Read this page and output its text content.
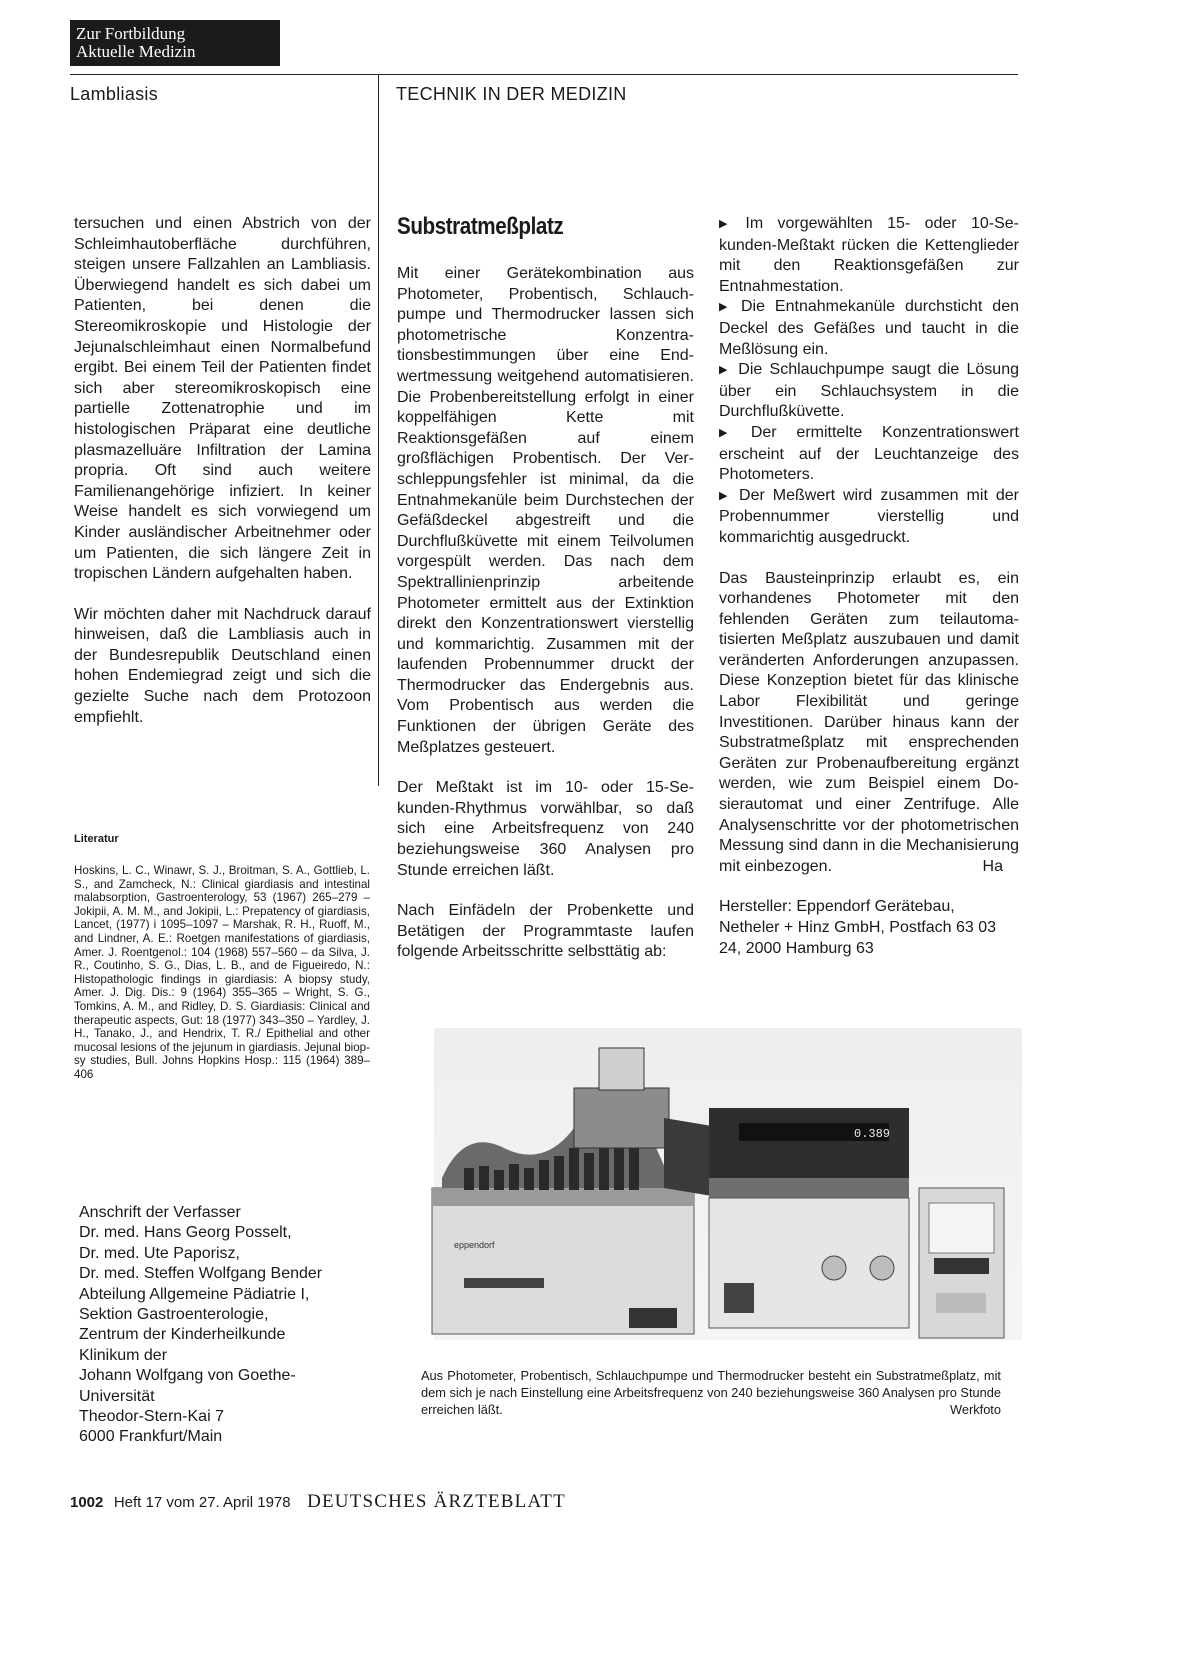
Zur Fortbildung
Aktuelle Medizin
Lambliasis	TECHNIK IN DER MEDIZIN

tersuchen und einen Abstrich von der Schleimhautoberfläche durchführen, steigen unsere Fallzahlen an Lambliasis. Überwiegend handelt es sich dabei um Patienten, bei denen die Stereomikroskopie und Histologie der Jejunalschleimhaut einen Normalbefund ergibt. Bei einem Teil der Patienten findet sich aber stereomikroskopisch eine partielle Zottenatrophie und im histologischen Präparat eine deutliche plasmazelluäre Infiltration der Lamina propria. Oft sind auch weitere Familienangehörige infiziert. In keiner Weise handelt es sich vorwiegend um Kinder ausländischer Arbeitnehmer oder um Patienten, die sich längere Zeit in tropischen Ländern aufgehalten haben.

Wir möchten daher mit Nachdruck darauf hinweisen, daß die Lambliasis auch in der Bundesrepublik Deutschland einen hohen Endemiegrad zeigt und sich die gezielte Suche nach dem Protozoon empfiehlt.

Literatur
Hoskins, L. C., Winawr, S. J., Broitman, S. A., Gottlieb, L. S., and Zamcheck, N.: Clinical giardiasis and intestinal malabsorption, Gastroenterology, 53 (1967) 265–279 – Jokipii, A. M. M., and Jokipii, L.: Prepatency of giardiasis, Lancet, (1977) i 1095–1097 – Marshak, R. H., Ruoff, M., and Lindner, A. E.: Roetgen manifestations of giardiasis, Amer. J. Roentgenol.: 104 (1968) 557–560 – da Silva, J. R., Coutinho, S. G., Dias, L. B., and de Figueiredo, N.: Histopathologic findings in giardiasis: A biopsy study, Amer. J. Dig. Dis.: 9 (1964) 355–365 – Wright, S. G., Tomkins, A. M., and Ridley, D. S. Giardiasis: Clinical and therapeutic aspects, Gut: 18 (1977) 343–350 – Yardley, J. H., Tanako, J., and Hendrix, T. R./ Epithelial and other mucosal lesions of the jejunum in giardiasis. Jejunal biopsy studies, Bull. Johns Hopkins Hosp.: 115 (1964) 389–406
Anschrift der Verfasser
Dr. med. Hans Georg Posselt,
Dr. med. Ute Paporisz,
Dr. med. Steffen Wolfgang Bender
Abteilung Allgemeine Pädiatrie I,
Sektion Gastroenterologie,
Zentrum der Kinderheilkunde
Klinikum der
Johann Wolfgang von Goethe-
Universität
Theodor-Stern-Kai 7
6000 Frankfurt/Main
Substratmeßplatz

Mit einer Gerätekombination aus Photometer, Probentisch, Schlauchpumpe und Thermodrucker lassen sich photometrische Konzentrationsbestimmungen über eine Endwertmessung weitgehend automatisieren. Die Probenbereitstellung erfolgt in einer koppelfähigen Kette mit Reaktionsgefäßen auf einem großflächigen Probentisch. Der Verschleppungsfehler ist minimal, da die Entnahmekanüle beim Durchstechen der Gefäßdeckel abgestreift und die Durchflußküvette mit einem Teilvolumen vorgespült werden. Das nach dem Spektrallinienprinzip arbeitende Photometer ermittelt aus der Extinktion direkt den Konzentrationswert vierstellig und kommarichtig. Zusammen mit der laufenden Probennummer druckt der Thermodrucker das Endergebnis aus. Vom Probentisch aus werden die Funktionen der übrigen Geräte des Meßplatzes gesteuert.

Der Meßtakt ist im 10- oder 15-Sekunden-Rhythmus vorwählbar, so daß sich eine Arbeitsfrequenz von 240 beziehungsweise 360 Analysen pro Stunde erreichen läßt.

Nach Einfädeln der Probenkette und Betätigen der Programmtaste laufen folgende Arbeitsschritte selbsttätig ab:

▶ Im vorgewählten 15- oder 10-Sekunden-Meßtakt rücken die Kettenglieder mit den Reaktionsgefäßen zur Entnahmestation.

▶ Die Entnahmekanüle durchsticht den Deckel des Gefäßes und taucht in die Meßlösung ein.

▶ Die Schlauchpumpe saugt die Lösung über ein Schlauchsystem in die Durchflußküvette.

▶ Der ermittelte Konzentrationswert erscheint auf der Leuchtanzeige des Photometers.

▶ Der Meßwert wird zusammen mit der Probennummer vierstellig und kommarichtig ausgedruckt.

Das Bausteinprinzip erlaubt es, ein vorhandenes Photometer mit den fehlenden Geräten zum teilautomatisierten Meßplatz auszubauen und damit veränderten Anforderungen anzupassen. Diese Konzeption bietet für das klinische Labor Flexibilität und geringe Investitionen. Darüber hinaus kann der Substratmeßplatz mit ensprechenden Geräten zur Probenaufbereitung ergänzt werden, wie zum Beispiel einem Dosierautomat und einer Zentrifuge. Alle Analysenschritte vor der photometrischen Messung sind dann in die Mechanisierung mit einbezogen.	Ha

Hersteller: Eppendorf Gerätebau, Netheler + Hinz GmbH, Postfach 63 03 24, 2000 Hamburg 63

0.389
eppendorf
Aus Photometer, Probentisch, Schlauchpumpe und Thermodrucker besteht ein Substratmeßplatz, mit dem sich je nach Einstellung eine Arbeitsfrequenz von 240 beziehungsweise 360 Analysen pro Stunde erreichen läßt.	Werkfoto
1002 Heft 17 vom 27. April 1978 DEUTSCHES ÄRZTEBLATT
